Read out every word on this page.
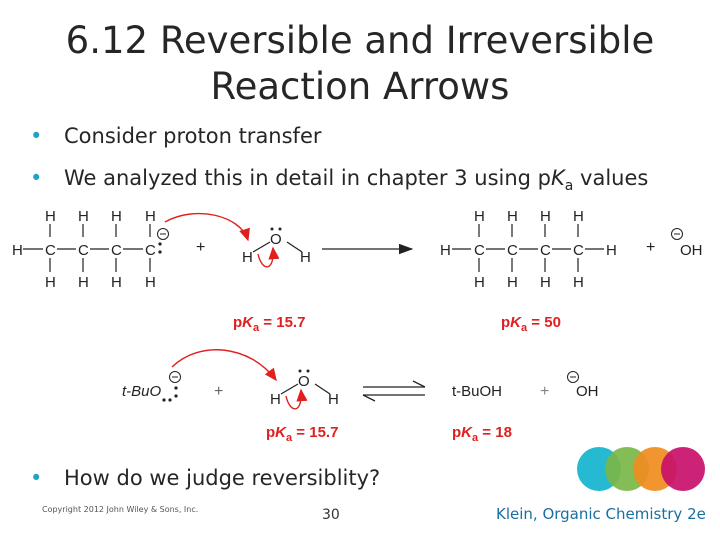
6.12 Reversible and Irreversible
Reaction Arrows
• Consider proton transfer
• We analyzed this in detail in chapter 3 using $pK_a$ values
• How do we judge reversiblity?
H H H H
H C C C C
H H H H
+	O
H	H
H H H H
H C C C C H
H H H H
+ OH
$pK_a = 15.7$	$pK_a = 50$
t-BuO	+
O
H	H	t-BuOH + OH
$pK_a = 15.7$	$pK_a = 18$
Copyright 2012 John Wiley & Sons, Inc.	30	Klein, Organic Chemistry 2e
